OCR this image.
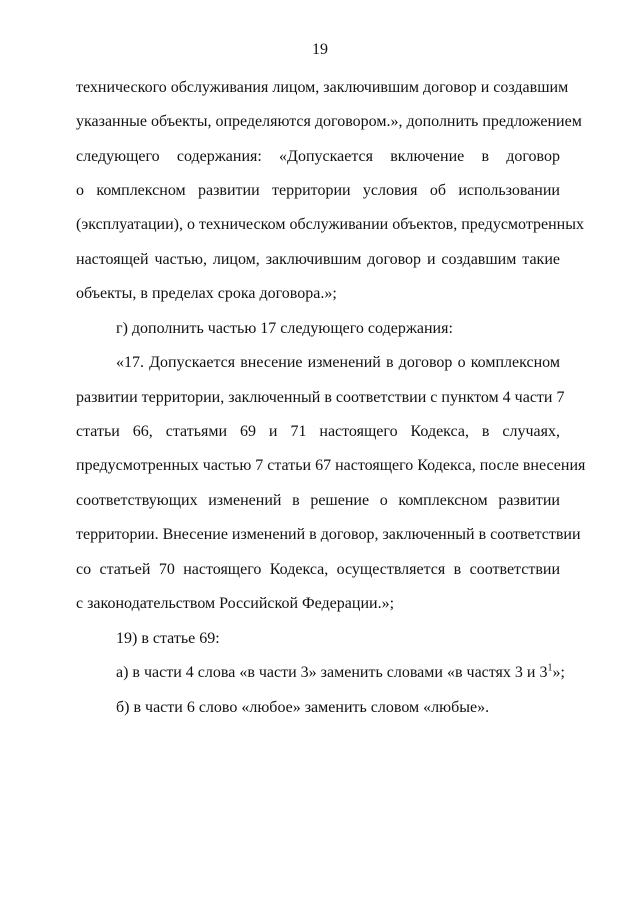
19
технического обслуживания лицом, заключившим договор и создавшим
указанные объекты, определяются договором.», дополнить предложением
следующего содержания: «Допускается включение в договор
о комплексном развитии территории условия об использовании
(эксплуатации), о техническом обслуживании объектов, предусмотренных
настоящей частью, лицом, заключившим договор и создавшим такие
объекты, в пределах срока договора.»;
г) дополнить частью 17 следующего содержания:
«17. Допускается внесение изменений в договор о комплексном
развитии территории, заключенный в соответствии с пунктом 4 части 7
статьи 66, статьями 69 и 71 настоящего Кодекса, в случаях,
предусмотренных частью 7 статьи 67 настоящего Кодекса, после внесения
соответствующих изменений в решение о комплексном развитии
территории. Внесение изменений в договор, заключенный в соответствии
со статьей 70 настоящего Кодекса, осуществляется в соответствии
с законодательством Российской Федерации.»;
19) в статье 69:
а) в части 4 слова «в части 3» заменить словами «в частях 3 и $3^1$»;
б) в части 6 слово «любое» заменить словом «любые».
